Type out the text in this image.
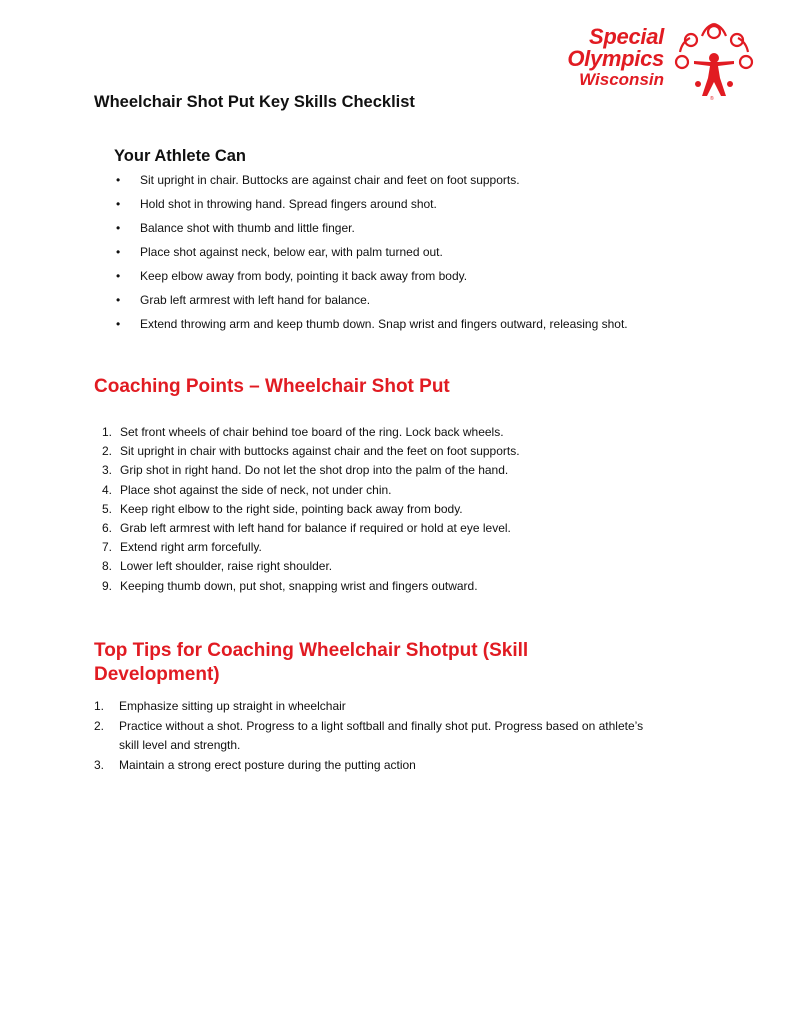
Special
Olympics
Wisconsin
®
Wheelchair Shot Put Key Skills Checklist
Your Athlete Can
• Sit upright in chair. Buttocks are against chair and feet on foot supports.
• Hold shot in throwing hand. Spread fingers around shot.
• Balance shot with thumb and little finger.
• Place shot against neck, below ear, with palm turned out.
• Keep elbow away from body, pointing it back away from body.
• Grab left armrest with left hand for balance.
• Extend throwing arm and keep thumb down. Snap wrist and fingers outward, releasing shot.
Coaching Points – Wheelchair Shot Put
1. Set front wheels of chair behind toe board of the ring. Lock back wheels.
2. Sit upright in chair with buttocks against chair and the feet on foot supports.
3. Grip shot in right hand. Do not let the shot drop into the palm of the hand.
4. Place shot against the side of neck, not under chin.
5. Keep right elbow to the right side, pointing back away from body.
6. Grab left armrest with left hand for balance if required or hold at eye level.
7. Extend right arm forcefully.
8. Lower left shoulder, raise right shoulder.
9. Keeping thumb down, put shot, snapping wrist and fingers outward.
Top Tips for Coaching Wheelchair Shotput (Skill Development)
1. Emphasize sitting up straight in wheelchair
2. Practice without a shot. Progress to a light softball and finally shot put. Progress based on athlete’s skill level and strength.
3. Maintain a strong erect posture during the putting action
